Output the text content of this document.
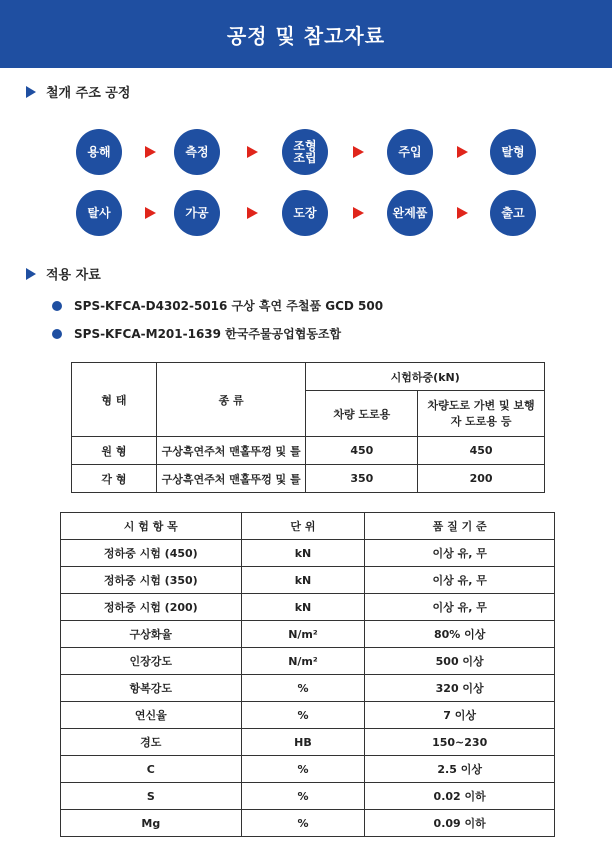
공정 및 참고자료
철개 주조 공정
용해	측정	조형
조립	주입	탈형
탈사	가공	도장	완제품	출고
적용 자료
SPS-KFCA-D4302-5016 구상 흑연 주철품 GCD 500
SPS-KFCA-M201-1639 한국주물공업협동조합
형 태	종 류	시험하중(kN)	
		차량 도로용	차량도로 가변 및 보행자 도로용 등
원 형	구상흑연주처 맨홀뚜껑 및 틀	450	450
각 형	구상흑연주처 맨홀뚜껑 및 틀	350	200
시 험 항 목	단 위	품 질 기 준
정하중 시험 (450)	kN	이상 유, 무
정하중 시험 (350)	kN	이상 유, 무
정하중 시험 (200)	kN	이상 유, 무
구상화율	N/m²	80% 이상
인장강도	N/m²	500 이상
항복강도	%	320 이상
연신율	%	7 이상
경도	HB	150~230
C	%	2.5 이상
S	%	0.02 이하
Mg	%	0.09 이하
